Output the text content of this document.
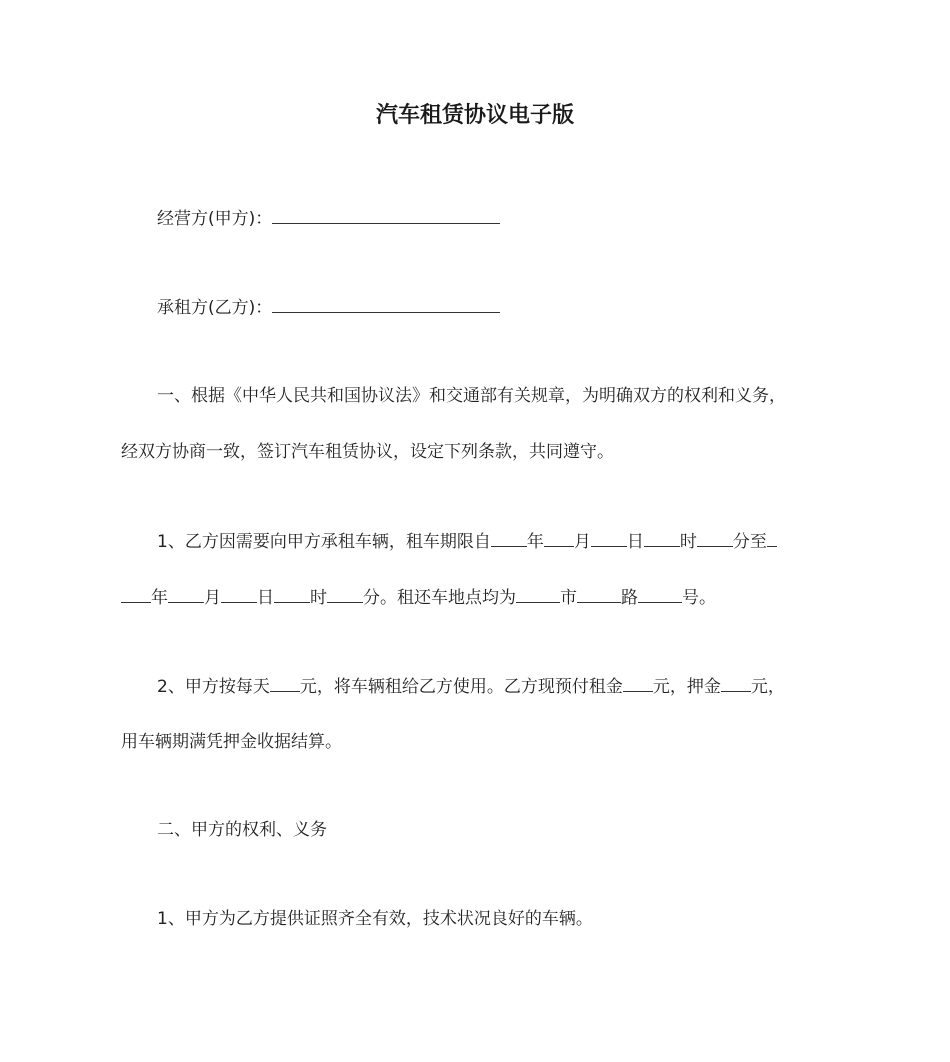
汽车租赁协议电子版
经营方(甲方)：
承租方(乙方)：
一、根据《中华人民共和国协议法》和交通部有关规章，为明确双方的权利和义务，
经双方协商一致，签订汽车租赁协议，设定下列条款，共同遵守。
1、乙方因需要向甲方承租车辆，租车期限自 年 月 日 时 分至
年 月 日 时 分。租还车地点均为	市	路	号。
2、甲方按每天 元，将车辆租给乙方使用。乙方现预付租金 元，押金 元，
用车辆期满凭押金收据结算。
二、甲方的权利、义务
1、甲方为乙方提供证照齐全有效，技术状况良好的车辆。
